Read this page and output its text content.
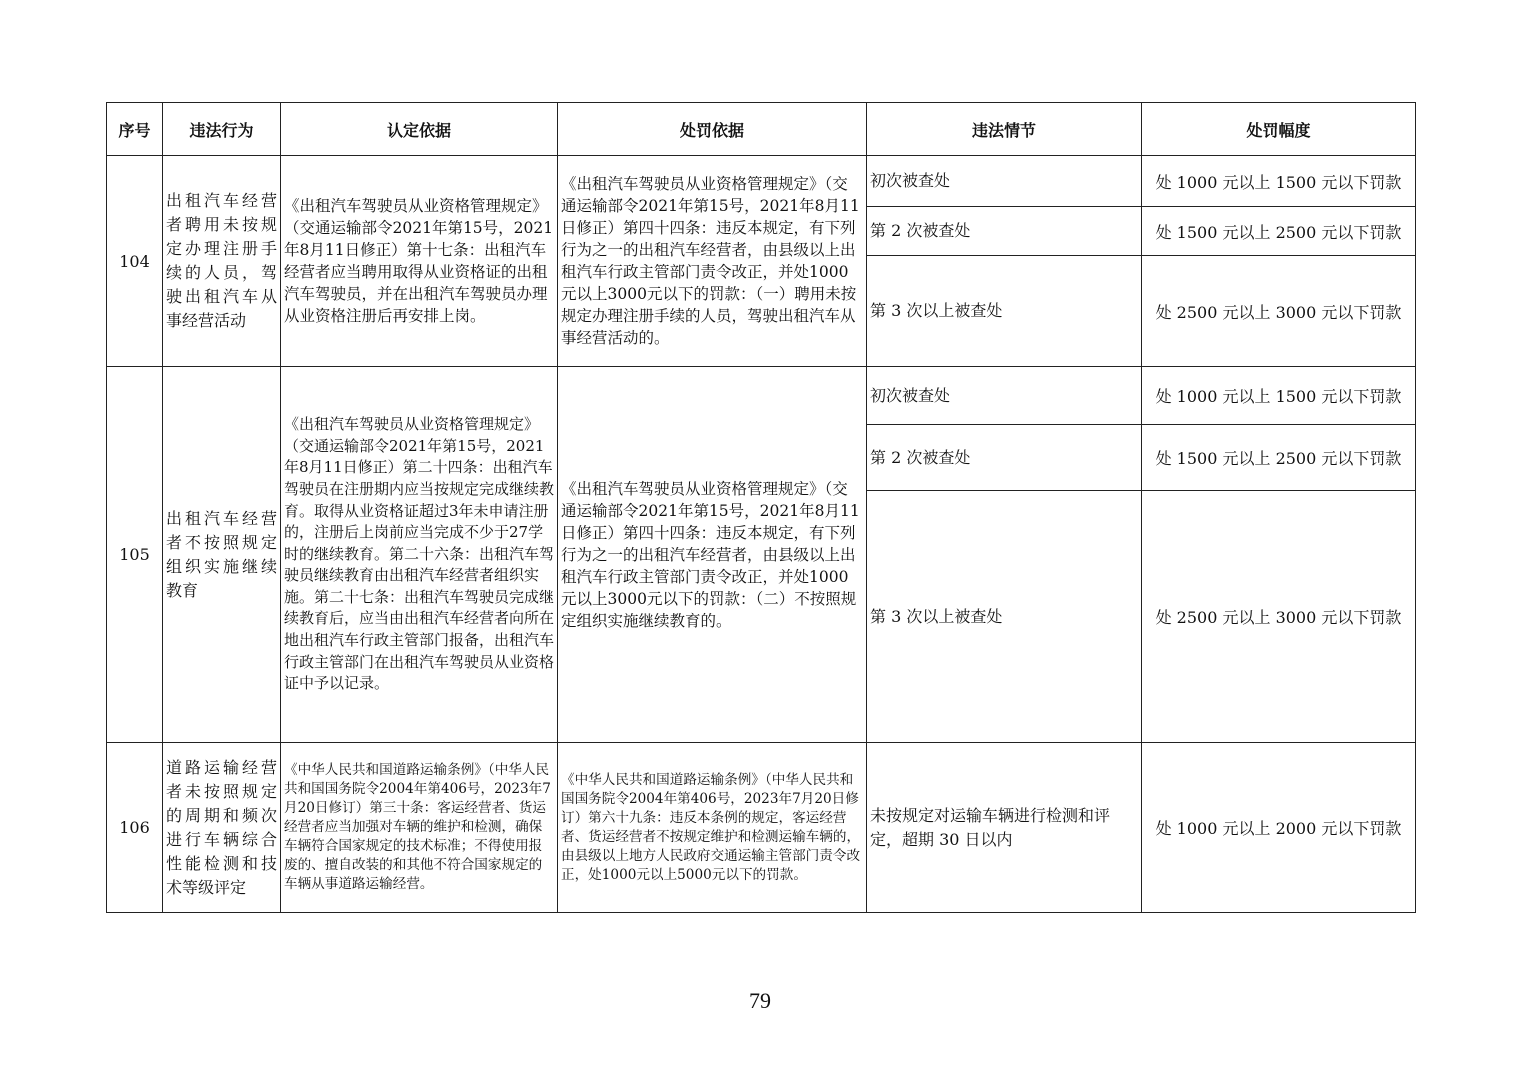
序号	违法行为	认定依据	处罚依据	违法情节	处罚幅度
104	出租汽车经营者聘用未按规定办理注册手续的人员，驾驶出租汽车从事经营活动	《出租汽车驾驶员从业资格管理规定》（交通运输部令2021年第15号，2021年8月11日修正）第十七条：出租汽车经营者应当聘用取得从业资格证的出租汽车驾驶员，并在出租汽车驾驶员办理从业资格注册后再安排上岗。	《出租汽车驾驶员从业资格管理规定》（交通运输部令2021年第15号，2021年8月11日修正）第四十四条：违反本规定，有下列行为之一的出租汽车经营者，由县级以上出租汽车行政主管部门责令改正，并处1000元以上3000元以下的罚款：（一）聘用未按规定办理注册手续的人员，驾驶出租汽车从事经营活动的。	初次被查处	处 1000 元以上 1500 元以下罚款
				第 2 次被查处	处 1500 元以上 2500 元以下罚款
				第 3 次以上被查处	处 2500 元以上 3000 元以下罚款
105	出租汽车经营者不按照规定组织实施继续教育	《出租汽车驾驶员从业资格管理规定》（交通运输部令2021年第15号，2021年8月11日修正）第二十四条：出租汽车驾驶员在注册期内应当按规定完成继续教育。取得从业资格证超过3年未申请注册的，注册后上岗前应当完成不少于27学时的继续教育。第二十六条：出租汽车驾驶员继续教育由出租汽车经营者组织实施。第二十七条：出租汽车驾驶员完成继续教育后，应当由出租汽车经营者向所在地出租汽车行政主管部门报备，出租汽车行政主管部门在出租汽车驾驶员从业资格证中予以记录。	《出租汽车驾驶员从业资格管理规定》（交通运输部令2021年第15号，2021年8月11日修正）第四十四条：违反本规定，有下列行为之一的出租汽车经营者，由县级以上出租汽车行政主管部门责令改正，并处1000元以上3000元以下的罚款：（二）不按照规定组织实施继续教育的。	初次被查处	处 1000 元以上 1500 元以下罚款
				第 2 次被查处	处 1500 元以上 2500 元以下罚款
				第 3 次以上被查处	处 2500 元以上 3000 元以下罚款
106	道路运输经营者未按照规定的周期和频次进行车辆综合性能检测和技术等级评定	《中华人民共和国道路运输条例》（中华人民共和国国务院令2004年第406号，2023年7月20日修订）第三十条：客运经营者、货运经营者应当加强对车辆的维护和检测，确保车辆符合国家规定的技术标准；不得使用报废的、擅自改装的和其他不符合国家规定的车辆从事道路运输经营。	《中华人民共和国道路运输条例》（中华人民共和国国务院令2004年第406号，2023年7月20日修订）第六十九条：违反本条例的规定，客运经营者、货运经营者不按规定维护和检测运输车辆的，由县级以上地方人民政府交通运输主管部门责令改正，处1000元以上5000元以下的罚款。	未按规定对运输车辆进行检测和评定，超期 30 日以内	处 1000 元以上 2000 元以下罚款
79
